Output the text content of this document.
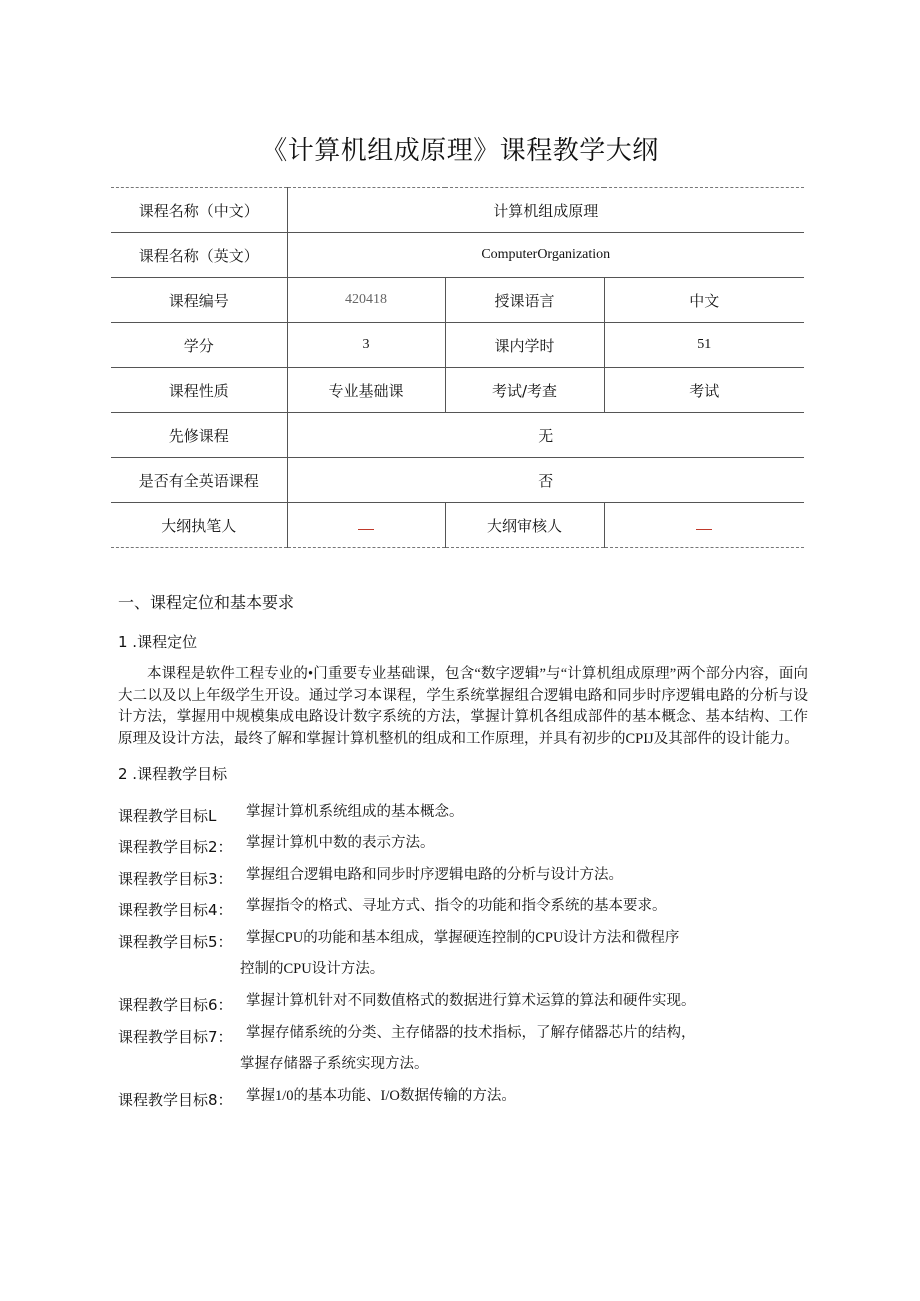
《计算机组成原理》课程教学大纲
课程名称（中文）	计算机组成原理		
课程名称（英文）	ComputerOrganization		
课程编号	420418	授课语言	中文
学分	3	课内学时	51
课程性质	专业基础课	考试/考查	考试
先修课程	无		
是否有全英语课程	否		
大纲执笔人		大纲审核人	
一、课程定位和基本要求
1 .课程定位
本课程是软件工程专业的•门重要专业基础课，包含“数字逻辑”与“计算机组成原理”两个部分内容，面向大二以及以上年级学生开设。通过学习本课程，学生系统掌握组合逻辑电路和同步时序逻辑电路的分析与设计方法，掌握用中规模集成电路设计数字系统的方法，掌握计算机各组成部件的基本概念、基本结构、工作原理及设计方法，最终了解和掌握计算机整机的组成和工作原理，并具有初步的CPIJ及其部件的设计能力。
2 .课程教学目标
课程教学目标L 掌握计算机系统组成的基本概念。
课程教学目标2： 掌握计算机中数的表示方法。
课程教学目标3： 掌握组合逻辑电路和同步时序逻辑电路的分析与设计方法。
课程教学目标4： 掌握指令的格式、寻址方式、指令的功能和指令系统的基本要求。
课程教学目标5： 掌握CPU的功能和基本组成，掌握硬连控制的CPU设计方法和微程序
控制的CPU设计方法。
课程教学目标6： 掌握计算机针对不同数值格式的数据进行算术运算的算法和硬件实现。
课程教学目标7： 掌握存储系统的分类、主存储器的技术指标，了解存储器芯片的结构，
掌握存储器子系统实现方法。
课程教学目标8： 掌握1/0的基本功能、I/O数据传输的方法。
